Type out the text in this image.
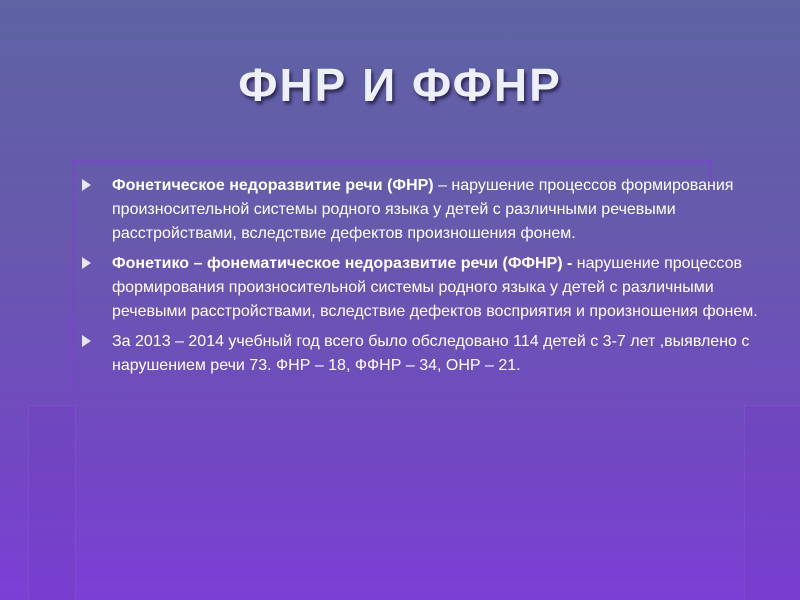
ФНР И ФФНР
Фонетическое недоразвитие речи (ФНР) – нарушение процессов формирования произносительной системы родного языка у детей с различными речевыми расстройствами, вследствие дефектов произношения фонем.
Фонетико – фонематическое недоразвитие речи (ФФНР) - нарушение процессов формирования произносительной системы родного языка у детей с различными речевыми расстройствами, вследствие дефектов восприятия и произношения фонем.
За 2013 – 2014 учебный год всего было обследовано 114 детей с 3-7 лет ,выявлено с нарушением речи 73. ФНР – 18, ФФНР – 34, ОНР – 21.
